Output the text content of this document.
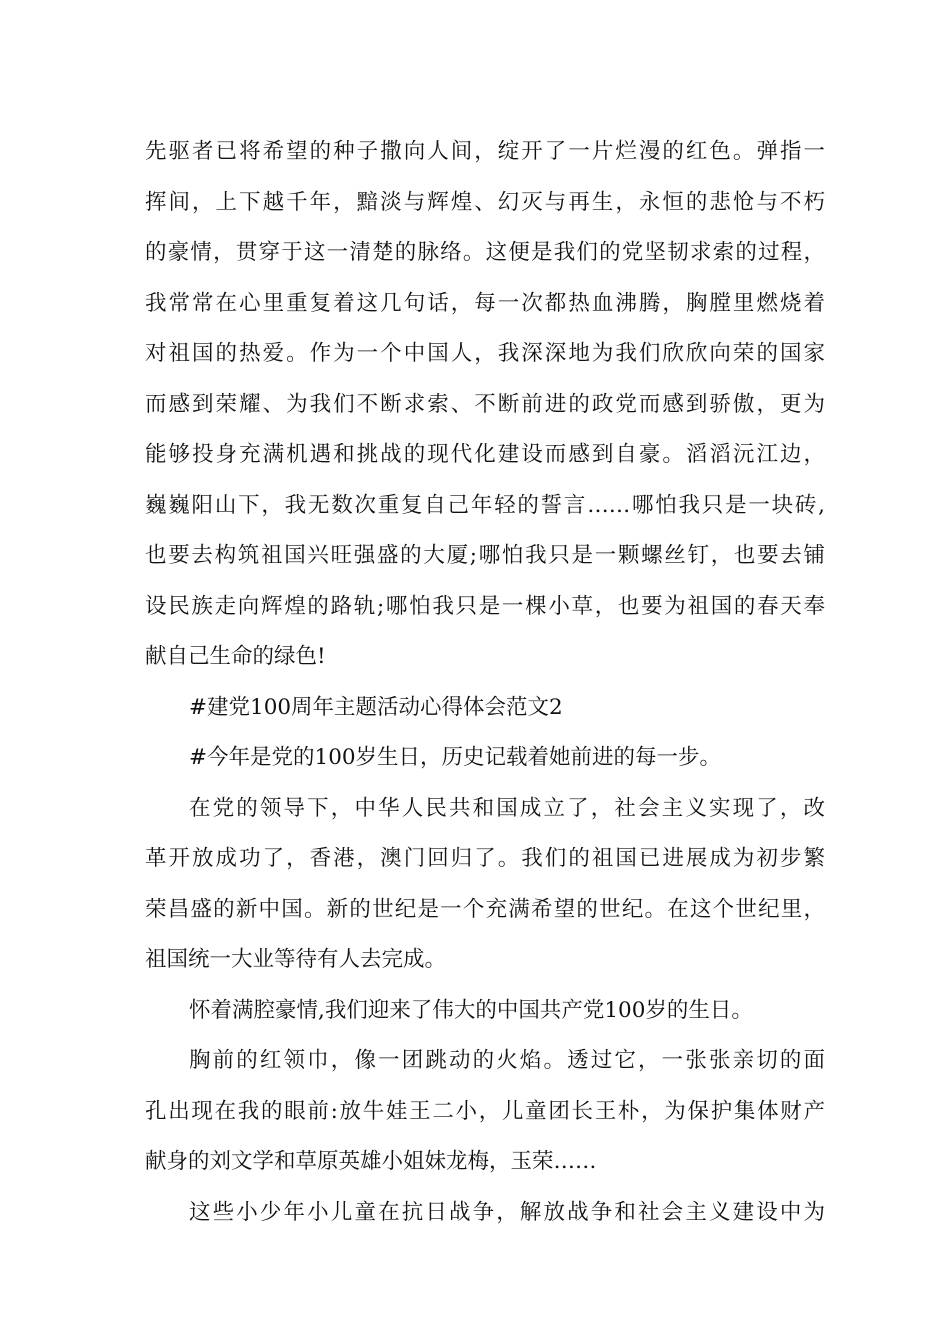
先驱者已将希望的种子撒向人间，绽开了一片烂漫的红色。弹指一
挥间，上下越千年，黯淡与辉煌、幻灭与再生，永恒的悲怆与不朽
的豪情，贯穿于这一清楚的脉络。这便是我们的党坚韧求索的过程，
我常常在心里重复着这几句话，每一次都热血沸腾，胸膛里燃烧着
对祖国的热爱。作为一个中国人，我深深地为我们欣欣向荣的国家
而感到荣耀、为我们不断求索、不断前进的政党而感到骄傲，更为
能够投身充满机遇和挑战的现代化建设而感到自豪。滔滔沅江边，
巍巍阳山下，我无数次重复自己年轻的誓言……哪怕我只是一块砖,
也要去构筑祖国兴旺强盛的大厦;哪怕我只是一颗螺丝钉，也要去铺
设民族走向辉煌的路轨;哪怕我只是一棵小草，也要为祖国的春天奉
献自己生命的绿色!
#建党100周年主题活动心得体会范文2
#今年是党的100岁生日，历史记载着她前进的每一步。
在党的领导下，中华人民共和国成立了，社会主义实现了，改
革开放成功了，香港，澳门回归了。我们的祖国已进展成为初步繁
荣昌盛的新中国。新的世纪是一个充满希望的世纪。在这个世纪里，
祖国统一大业等待有人去完成。
怀着满腔豪情,我们迎来了伟大的中国共产党100岁的生日。
胸前的红领巾，像一团跳动的火焰。透过它，一张张亲切的面
孔出现在我的眼前:放牛娃王二小，儿童团长王朴，为保护集体财产
献身的刘文学和草原英雄小姐妹龙梅，玉荣……
这些小少年小儿童在抗日战争，解放战争和社会主义建设中为
